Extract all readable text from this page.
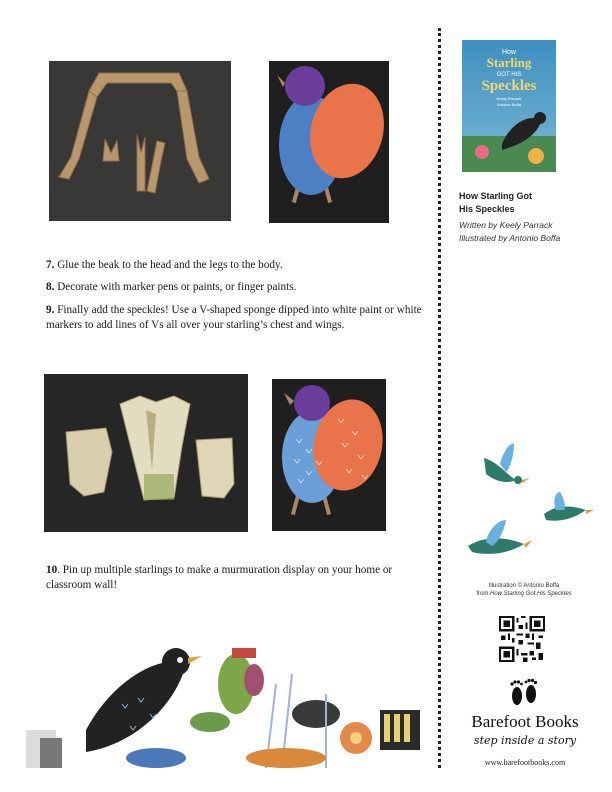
7. Glue the beak to the head and the legs to the body.
8. Decorate with marker pens or paints, or finger paints.
9. Finally add the speckles! Use a V-shaped sponge dipped into white paint or white markers to add lines of Vs all over your starling’s chest and wings.
10. Pin up multiple starlings to make a murmuration display on your home or classroom wall!
How
Starling
GOT HIS
Speckles
Keely Parrack
Antonio Boffa
How Starling Got
His Speckles
Written by Keely Parrack
Illustrated by Antonio Boffa
Illustration © Antonio Boffa
from How Starling Got His Speckles
Barefoot Books
step inside a story
www.barefootbooks.com
